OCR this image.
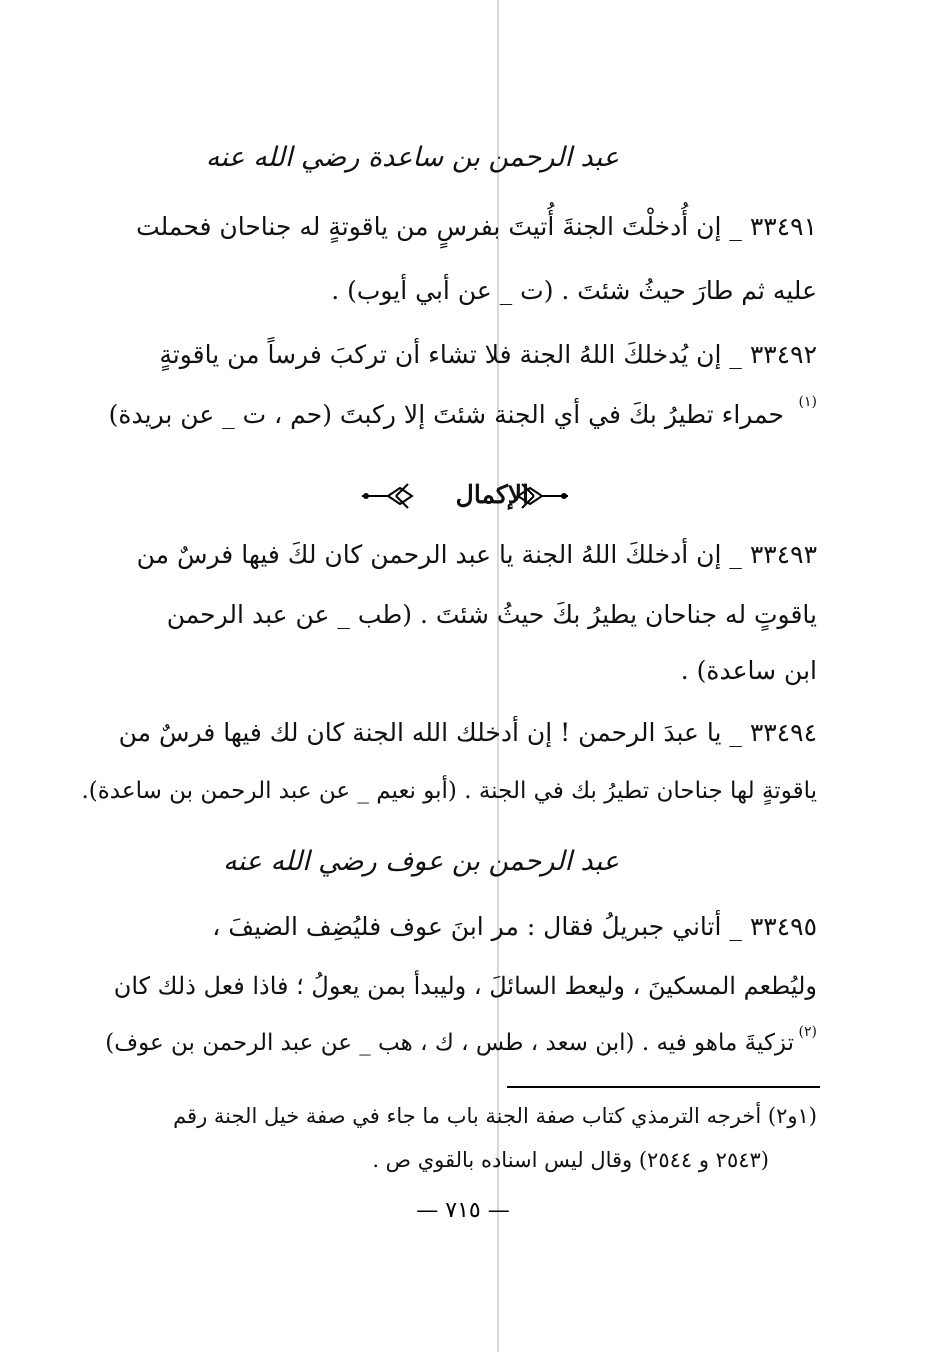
عبد الرحمن بن ساعدة رضي الله عنه
٣٣٤٩١ _ إن أُدخلْتَ الجنةَ أُتيتَ بفرسٍ من ياقوتةٍ له جناحان فحملت
عليه ثم طارَ حيثُ شئتَ . (ت _ عن أبي أيوب) .
٣٣٤٩٢ _ إن يُدخلكَ اللهُ الجنة فلا تشاء أن تركبَ فرساً من ياقوتةٍ
حمراء تطيرُ بكَ في أي الجنة شئتَ إلا ركبتَ (حم ، ت _ عن بريدة) (١)
الإكمال
٣٣٤٩٣ _ إن أدخلكَ اللهُ الجنة يا عبد الرحمن كان لكَ فيها فرسٌ من
ياقوتٍ له جناحان يطيرُ بكَ حيثُ شئتَ . (طب _ عن عبد الرحمن
ابن ساعدة) .
٣٣٤٩٤ _ يا عبدَ الرحمن ! إن أدخلك الله الجنة كان لك فيها فرسٌ من
ياقوتةٍ لها جناحان تطيرُ بك في الجنة . (أبو نعيم _ عن عبد الرحمن بن ساعدة).
عبد الرحمن بن عوف رضي الله عنه
٣٣٤٩٥ _ أتاني جبريلُ فقال : مر ابنَ عوف فليُضِف الضيفَ ،
وليُطعم المسكينَ ، وليعط السائلَ ، وليبدأ بمن يعولُ ؛ فاذا فعل ذلك كان
تزكيةَ ماهو فيه . (ابن سعد ، طس ، ك ، هب _ عن عبد الرحمن بن عوف) (٢)
(١و٢) أخرجه الترمذي كتاب صفة الجنة باب ما جاء في صفة خيل الجنة رقم
(٢٥٤٣ و ٢٥٤٤) وقال ليس اسناده بالقوي ص .
— ٧١٥ —
